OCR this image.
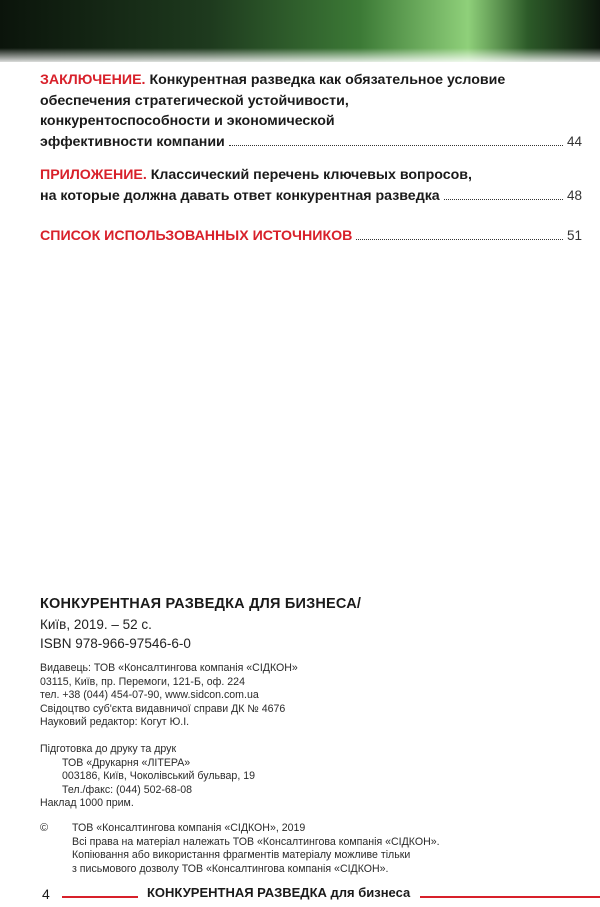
ЗАКЛЮЧЕНИЕ. Конкурентная разведка как обязательное условие
обеспечения стратегической устойчивости,
конкурентоспособности и экономической
эффективности компании	44
ПРИЛОЖЕНИЕ. Классический перечень ключевых вопросов,
на которые должна давать ответ конкурентная разведка	48
СПИСОК ИСПОЛЬЗОВАННЫХ ИСТОЧНИКОВ	51
КОНКУРЕНТНАЯ РАЗВЕДКА ДЛЯ БИЗНЕСА/
Київ, 2019. – 52 с.
ISBN 978-966-97546-6-0
Видавець: ТОВ «Консалтингова компанія «СІДКОН»
03115, Київ, пр. Перемоги, 121-Б, оф. 224
тел. +38 (044) 454-07-90, www.sidcon.com.ua
Свідоцтво суб'єкта видавничої справи ДК № 4676
Науковий редактор: Когут Ю.І.
Підготовка до друку та друк
ТОВ «Друкарня «ЛІТЕРА»
003186, Київ, Чоколівський бульвар, 19
Тел./факс: (044) 502-68-08
Наклад 1000 прим.
©	ТОВ «Консалтингова компанія «СІДКОН», 2019
Всі права на матеріал належать ТОВ «Консалтингова компанія «СІДКОН».
Копіювання або використання фрагментів матеріалу можливе тільки
з письмового дозволу ТОВ «Консалтингова компанія «СІДКОН».
4	КОНКУРЕНТНАЯ РАЗВЕДКА для бизнеса
